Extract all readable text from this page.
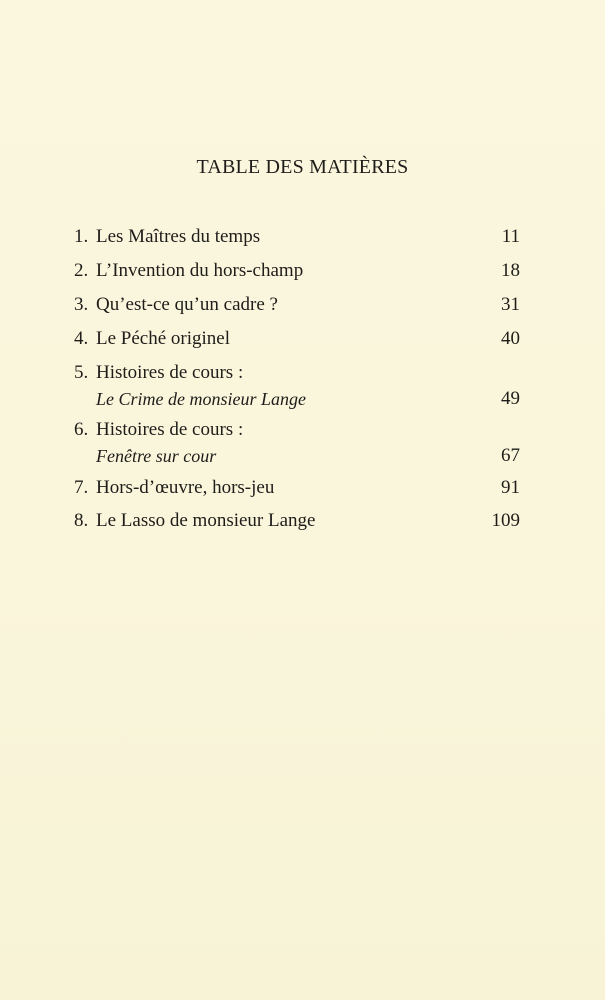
TABLE DES MATIÈRES
1. Les Maîtres du temps	11
2. L’Invention du hors-champ	18
3. Qu’est-ce qu’un cadre ?	31
4. Le Péché originel	40
5. Histoires de cours :
Le Crime de monsieur Lange	49
6. Histoires de cours :
Fenêtre sur cour	67
7. Hors-d’œuvre, hors-jeu	91
8. Le Lasso de monsieur Lange	109
